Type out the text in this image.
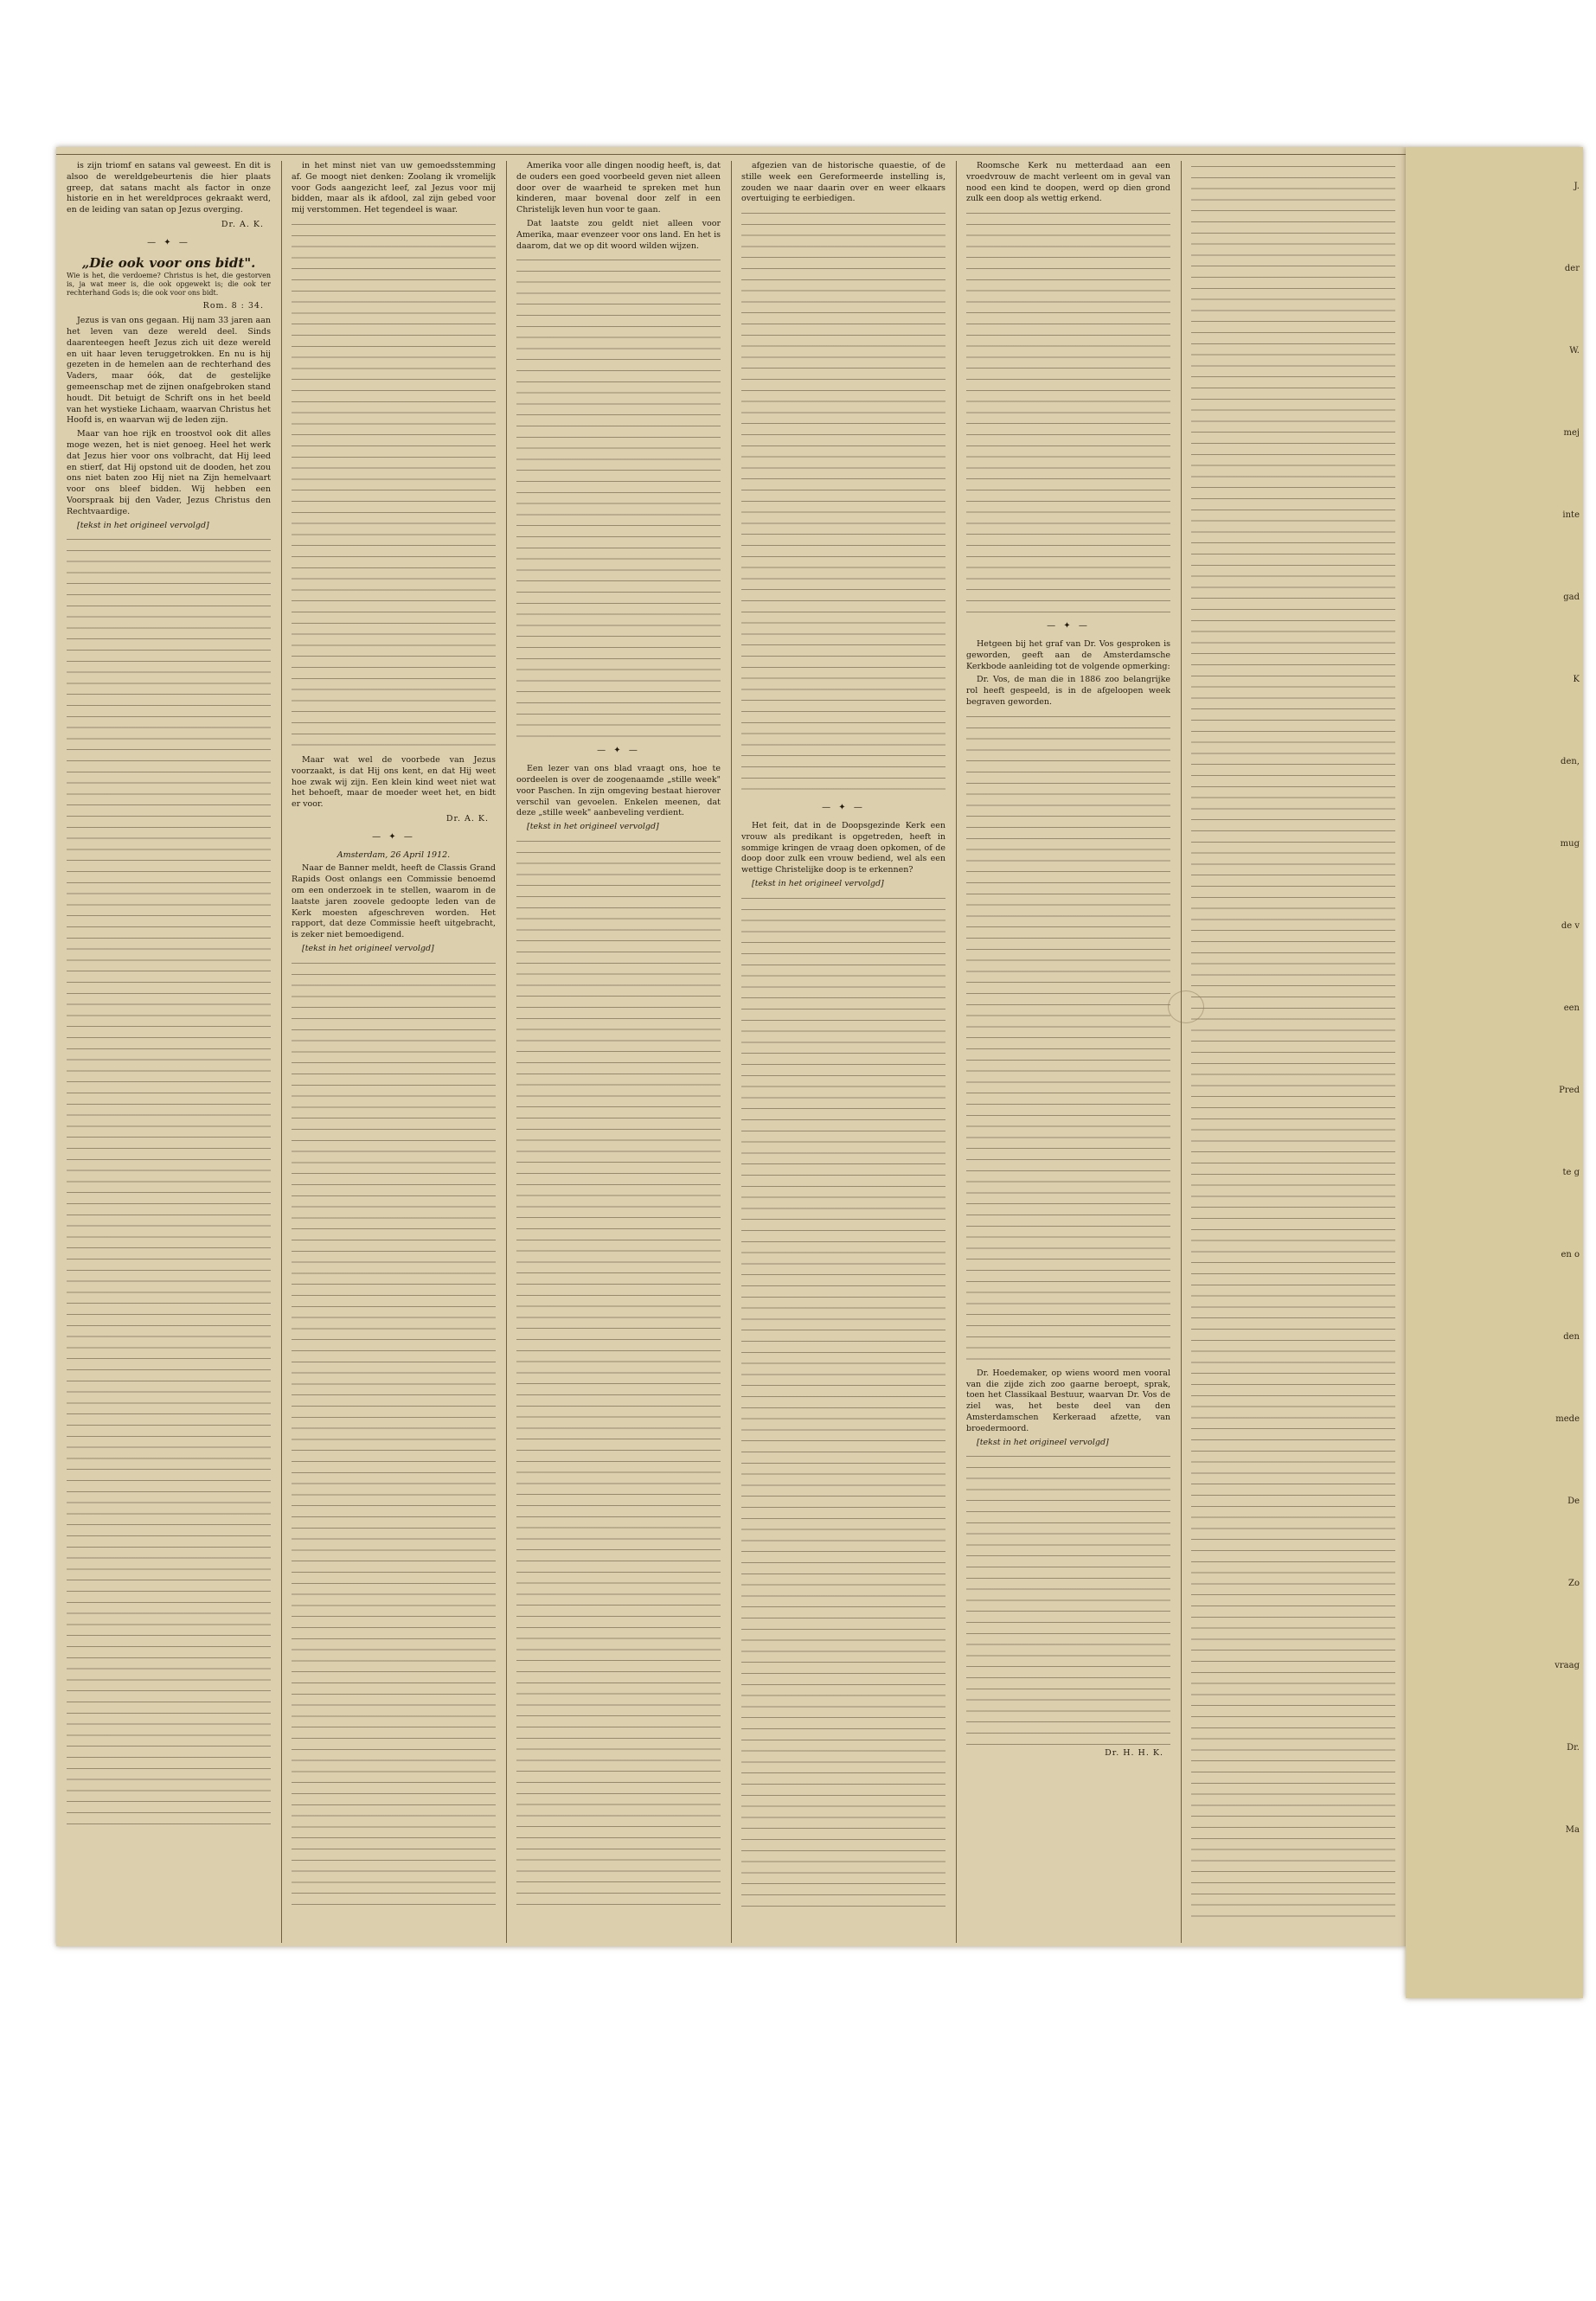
is zijn triomf en satans val geweest. En dit is alsoo de wereldgebeurtenis die hier plaats greep, dat satans macht als factor in onze historie en in het wereldproces gekraakt werd, en de leiding van satan op Jezus overging.

Dr. A. K.
— ✦ —
„Die ook voor ons bidt".

Wie is het, die verdoeme? Christus is het, die gestorven is, ja wat meer is, die ook opgewekt is; die ook ter rechterhand Gods is; die ook voor ons bidt.

Rom. 8 : 34.

Jezus is van ons gegaan. Hij nam 33 jaren aan het leven van deze wereld deel. Sinds daarenteegen heeft Jezus zich uit deze wereld en uit haar leven teruggetrokken. En nu is hij gezeten in de hemelen aan de rechterhand des Vaders, maar óók, dat de gestelijke gemeenschap met de zijnen onafgebroken stand houdt. Dit betuigt de Schrift ons in het beeld van het wystieke Lichaam, waarvan Christus het Hoofd is, en waarvan wij de leden zijn.

Maar van hoe rijk en troostvol ook dit alles moge wezen, het is niet genoeg. Heel het werk dat Jezus hier voor ons volbracht, dat Hij leed en stierf, dat Hij opstond uit de dooden, het zou ons niet baten zoo Hij niet na Zijn hemelvaart voor ons bleef bidden. Wij hebben een Voorspraak bij den Vader, Jezus Christus den Rechtvaardige.

[tekst in het origineel vervolgd]

in het minst niet van uw gemoedsstemming af. Ge moogt niet denken: Zoolang ik vromelijk voor Gods aangezicht leef, zal Jezus voor mij bidden, maar als ik afdool, zal zijn gebed voor mij verstommen. Het tegendeel is waar.

Maar wat wel de voorbede van Jezus voorzaakt, is dat Hij ons kent, en dat Hij weet hoe zwak wij zijn. Een klein kind weet niet wat het behoeft, maar de moeder weet het, en bidt er voor.

Dr. A. K.
— ✦ —

Amsterdam, 26 April 1912.

Naar de Banner meldt, heeft de Classis Grand Rapids Oost onlangs een Commissie benoemd om een onderzoek in te stellen, waarom in de laatste jaren zoovele gedoopte leden van de Kerk moesten afgeschreven worden. Het rapport, dat deze Commissie heeft uitgebracht, is zeker niet bemoedigend.

[tekst in het origineel vervolgd]

Amerika voor alle dingen noodig heeft, is, dat de ouders een goed voorbeeld geven niet alleen door over de waarheid te spreken met hun kinderen, maar bovenal door zelf in een Christelijk leven hun voor te gaan.

Dat laatste zou geldt niet alleen voor Amerika, maar evenzeer voor ons land. En het is daarom, dat we op dit woord wilden wijzen.

— ✦ —

Een lezer van ons blad vraagt ons, hoe te oordeelen is over de zoogenaamde „stille week" voor Paschen. In zijn omgeving bestaat hierover verschil van gevoelen. Enkelen meenen, dat deze „stille week" aanbeveling verdient.

[tekst in het origineel vervolgd]

afgezien van de historische quaestie, of de stille week een Gereformeerde instelling is, zouden we naar daarin over en weer elkaars overtuiging te eerbiedigen.

— ✦ —

Het feit, dat in de Doopsgezinde Kerk een vrouw als predikant is opgetreden, heeft in sommige kringen de vraag doen opkomen, of de doop door zulk een vrouw bediend, wel als een wettige Christelijke doop is te erkennen?

[tekst in het origineel vervolgd]

Roomsche Kerk nu metterdaad aan een vroedvrouw de macht verleent om in geval van nood een kind te doopen, werd op dien grond zulk een doop als wettig erkend.

— ✦ —

Hetgeen bij het graf van Dr. Vos gesproken is geworden, geeft aan de Amsterdamsche Kerkbode aanleiding tot de volgende opmerking:

Dr. Vos, de man die in 1886 zoo belangrijke rol heeft gespeeld, is in de afgeloopen week begraven geworden.

Dr. Hoedemaker, op wiens woord men vooral van die zijde zich zoo gaarne beroept, sprak, toen het Classikaal Bestuur, waarvan Dr. Vos de ziel was, het beste deel van den Amsterdamschen Kerkeraad afzette, van broedermoord.

[tekst in het origineel vervolgd]

Dr. H. H. K.
J.
der
W.
mej
inte
gad
K
den,
mug
de v
een
Pred
te g
en o
den
mede
De
Zo
vraag
Dr.
Ma
